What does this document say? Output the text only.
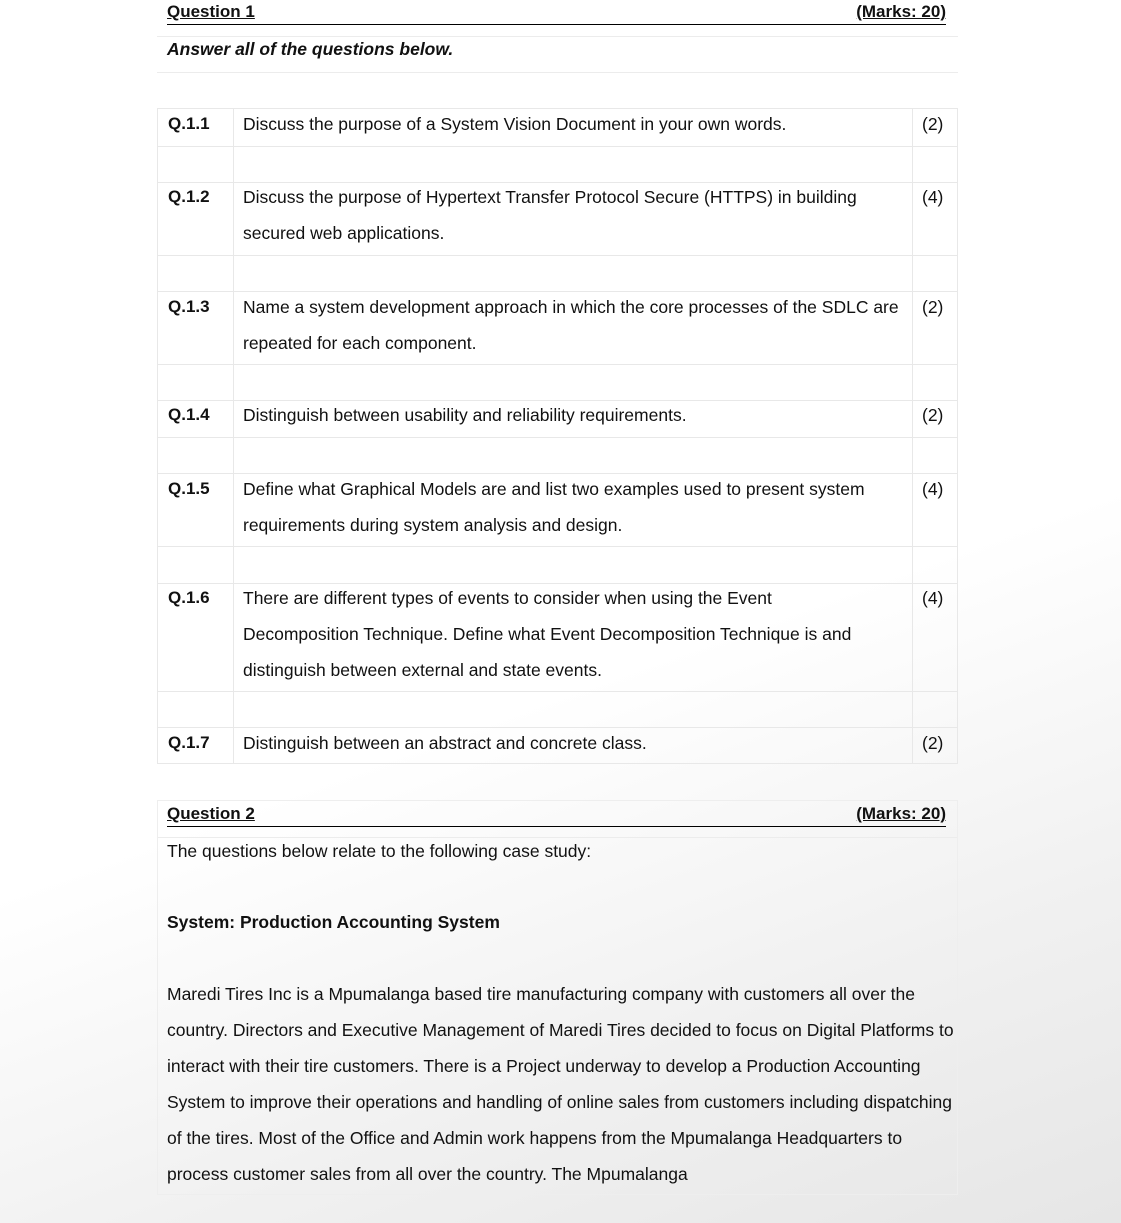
Question 1	(Marks: 20)
Answer all of the questions below.
Q.1.1 Discuss the purpose of a System Vision Document in your own words.	(2)
Q.1.2 Discuss the purpose of Hypertext Transfer Protocol Secure (HTTPS) in building secured web applications.
(4)
Q.1.3 Name a system development approach in which the core processes of the SDLC are repeated for each component.
(2)
Q.1.4 Distinguish between usability and reliability requirements.	(2)
Q.1.5 Define what Graphical Models are and list two examples used to present system requirements during system analysis and design.
(4)
Q.1.6 There are different types of events to consider when using the Event Decomposition Technique. Define what Event Decomposition Technique is and distinguish between external and state events.
(4)
Q.1.7 Distinguish between an abstract and concrete class.	(2)
Question 2	(Marks: 20)
The questions below relate to the following case study:
System: Production Accounting System
Maredi Tires Inc is a Mpumalanga based tire manufacturing company with customers all over the country. Directors and Executive Management of Maredi Tires decided to focus on Digital Platforms to interact with their tire customers. There is a Project underway to develop a Production Accounting System to improve their operations and handling of online sales from customers including dispatching of the tires. Most of the Office and Admin work happens from the Mpumalanga Headquarters to process customer sales from all over the country. The Mpumalanga
